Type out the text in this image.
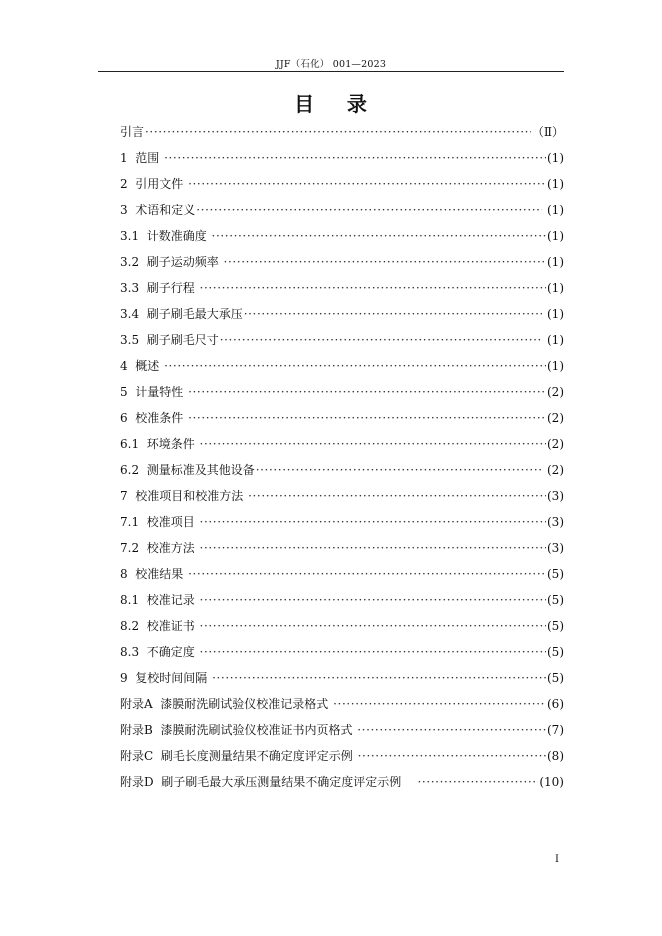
JJF（石化） 001—2023
目    录
引言 ·····	（Ⅱ）
1  范围 ·····	(1)
2  引用文件 ·····	(1)
3  术语和定义 ·····	(1)
3.1  计数准确度 ·····	(1)
3.2  刷子运动频率 ·····	(1)
3.3  刷子行程 ·····	(1)
3.4  刷子刷毛最大承压 ·····	(1)
3.5  刷子刷毛尺寸 ·····	(1)
4  概述 ·····	(1)
5  计量特性 ·····	(2)
6  校准条件 ·····	(2)
6.1  环境条件 ·····	(2)
6.2  测量标准及其他设备 ·····	(2)
7  校准项目和校准方法 ·····	(3)
7.1  校准项目 ·····	(3)
7.2  校准方法 ·····	(3)
8  校准结果 ·····	(5)
8.1  校准记录 ·····	(5)
8.2  校准证书 ·····	(5)
8.3  不确定度 ·····	(5)
9  复校时间间隔 ·····	(5)
附录A  漆膜耐洗刷试验仪校准记录格式 ·····	(6)
附录B  漆膜耐洗刷试验仪校准证书内页格式 ·····	(7)
附录C  刷毛长度测量结果不确定度评定示例 ·····	(8)
附录D  刷子刷毛最大承压测量结果不确定度评定示例 ·····	(10)
I
